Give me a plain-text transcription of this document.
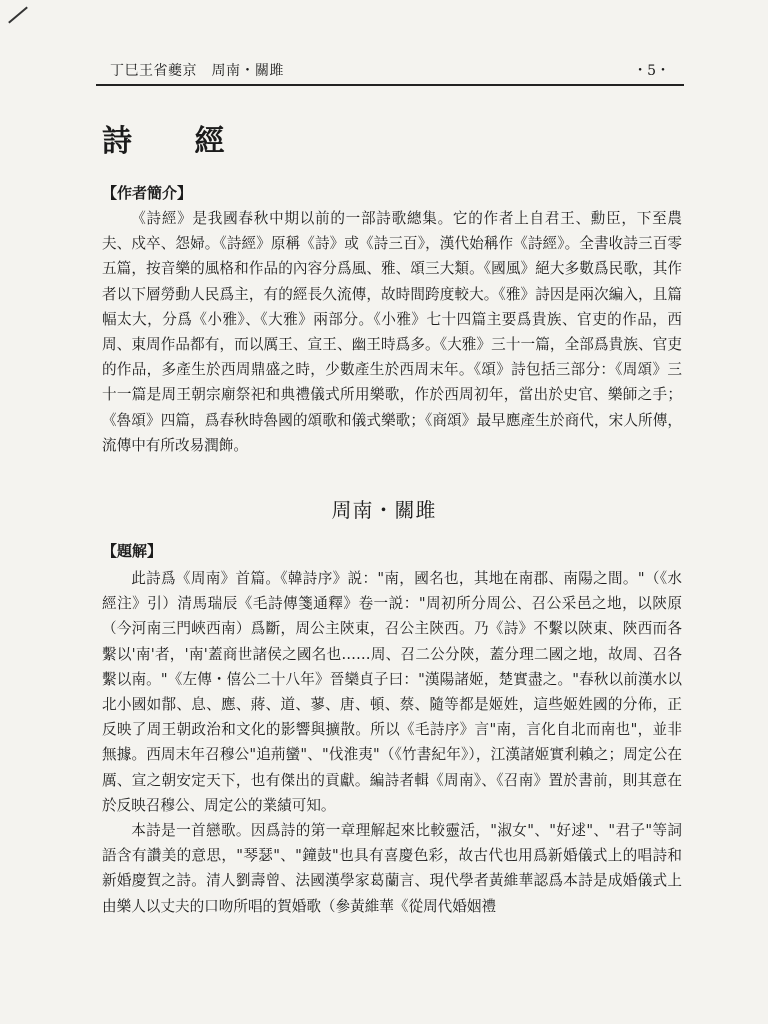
丁巳王省夔京　周南・關雎	・5・
詩 經
【作者簡介】

《詩經》是我國春秋中期以前的一部詩歌總集。它的作者上自君王、勳臣，下至農夫、戍卒、怨婦。《詩經》原稱《詩》或《詩三百》，漢代始稱作《詩經》。全書收詩三百零五篇，按音樂的風格和作品的內容分爲風、雅、頌三大類。《國風》絕大多數爲民歌，其作者以下層勞動人民爲主，有的經長久流傳，故時間跨度較大。《雅》詩因是兩次編入，且篇幅太大，分爲《小雅》、《大雅》兩部分。《小雅》七十四篇主要爲貴族、官吏的作品，西周、東周作品都有，而以厲王、宣王、幽王時爲多。《大雅》三十一篇，全部爲貴族、官吏的作品，多產生於西周鼎盛之時，少數產生於西周末年。《頌》詩包括三部分：《周頌》三十一篇是周王朝宗廟祭祀和典禮儀式所用樂歌，作於西周初年，當出於史官、樂師之手；《魯頌》四篇，爲春秋時魯國的頌歌和儀式樂歌；《商頌》最早應產生於商代，宋人所傳，流傳中有所改易潤飾。

周南・關雎
【題解】

此詩爲《周南》首篇。《韓詩序》説："南，國名也，其地在南郡、南陽之間。"（《水經注》引）清馬瑞辰《毛詩傳箋通釋》卷一説："周初所分周公、召公采邑之地，以陝原（今河南三門峽西南）爲斷，周公主陝東，召公主陝西。乃《詩》不繫以陝東、陝西而各繫以'南'者，'南'蓋商世諸侯之國名也……周、召二公分陝，蓋分理二國之地，故周、召各繫以南。"《左傳・僖公二十八年》晉欒貞子曰："漢陽諸姬，楚實盡之。"春秋以前漢水以北小國如鄁、息、應、蔣、道、蓼、唐、頓、蔡、隨等都是姬姓，這些姬姓國的分佈，正反映了周王朝政治和文化的影響與擴散。所以《毛詩序》言"南，言化自北而南也"，並非無據。西周末年召穆公"追荊蠻"、"伐淮夷"（《竹書紀年》），江漢諸姬實利賴之；周定公在厲、宣之朝安定天下，也有傑出的貢獻。編詩者輯《周南》、《召南》置於書前，則其意在於反映召穆公、周定公的業績可知。

本詩是一首戀歌。因爲詩的第一章理解起來比較靈活，"淑女"、"好逑"、"君子"等詞語含有讚美的意思，"琴瑟"、"鐘鼓"也具有喜慶色彩，故古代也用爲新婚儀式上的唱詩和新婚慶賀之詩。清人劉壽曾、法國漢學家葛蘭言、現代學者黃維華認爲本詩是成婚儀式上由樂人以丈夫的口吻所唱的賀婚歌（參黃維華《從周代婚姻禮
